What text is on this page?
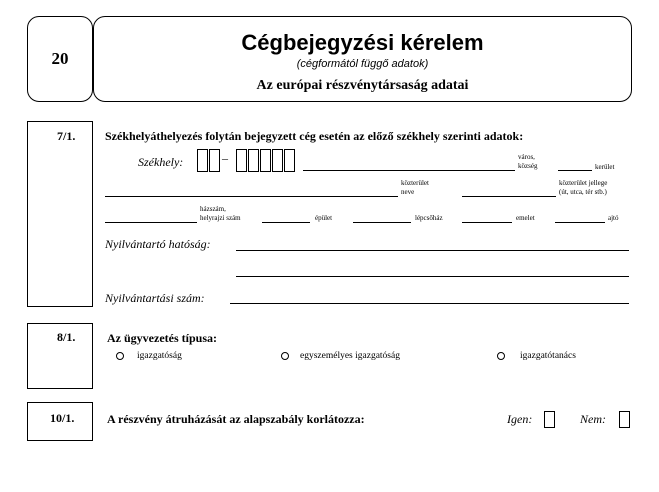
20
Cégbejegyzési kérelem
(cégformától függő adatok)
Az európai részvénytársaság adatai
7/1. Székhelyáthelyezés folytán bejegyzett cég esetén az előző székhely szerinti adatok:
Székhely:	–	város,
község	kerület
közterület
neve
közterület jellege
(út, utca, tér stb.)
házszám,
helyrajzi szám	épület	lépcsőház	emelet	ajtó
Nyilvántartó hatóság:
Nyilvántartási szám:
8/1.	Az ügyvezetés típusa:
igazgatóság	egyszemélyes igazgatóság	igazgatótanács
10/1.	A részvény átruházását az alapszabály korlátozza:	Igen:	Nem:
